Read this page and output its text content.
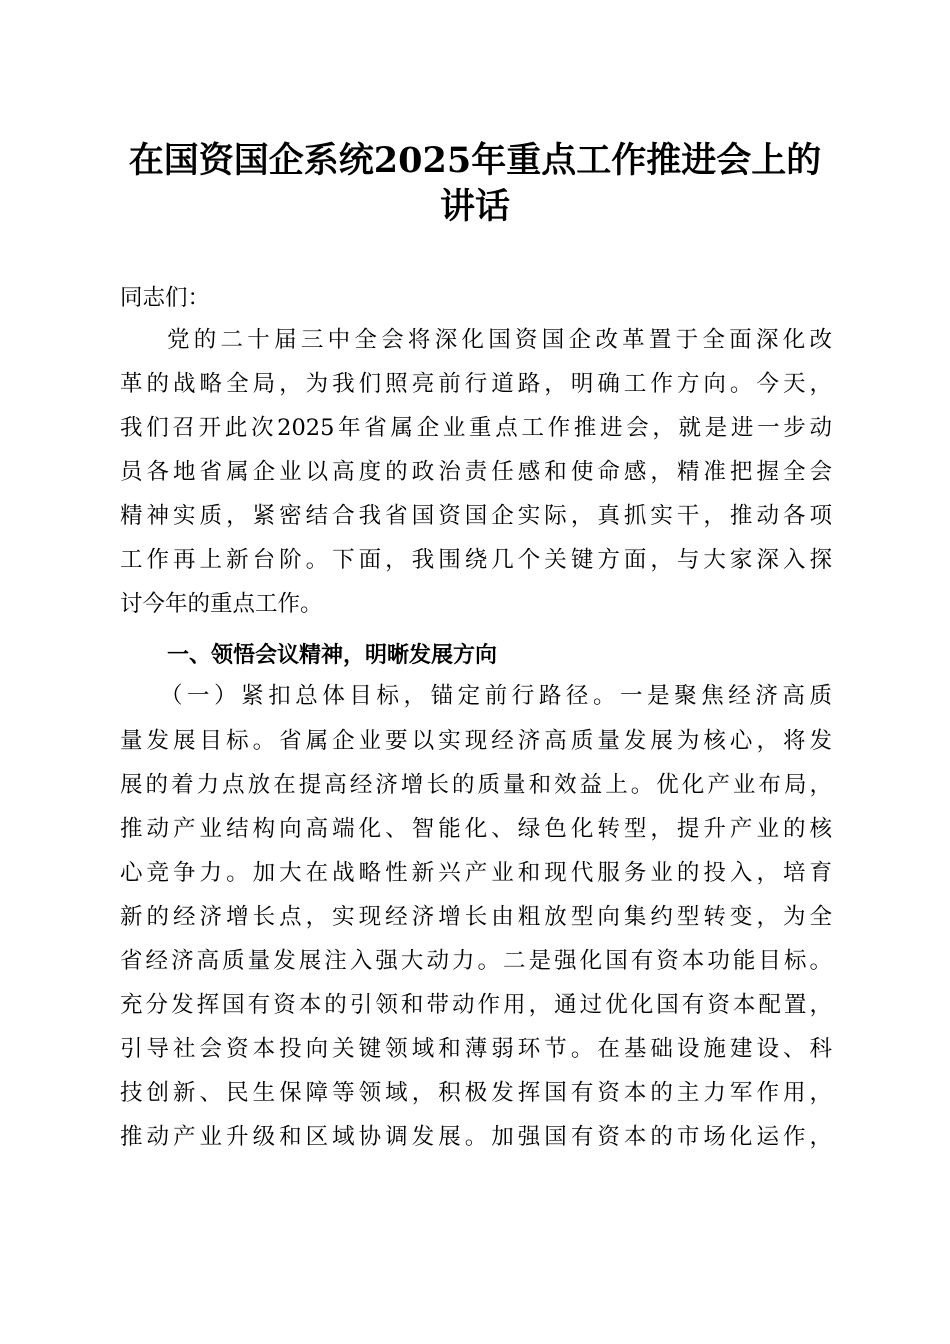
在国资国企系统2025年重点工作推进会上的
讲话
同志们：
党的二十届三中全会将深化国资国企改革置于全面深化改
革的战略全局，为我们照亮前行道路，明确工作方向。今天，
我们召开此次2025年省属企业重点工作推进会，就是进一步动
员各地省属企业以高度的政治责任感和使命感，精准把握全会
精神实质，紧密结合我省国资国企实际，真抓实干，推动各项
工作再上新台阶。下面，我围绕几个关键方面，与大家深入探
讨今年的重点工作。
一、领悟会议精神，明晰发展方向
（一）紧扣总体目标，锚定前行路径。一是聚焦经济高质
量发展目标。省属企业要以实现经济高质量发展为核心，将发
展的着力点放在提高经济增长的质量和效益上。优化产业布局，
推动产业结构向高端化、智能化、绿色化转型，提升产业的核
心竞争力。加大在战略性新兴产业和现代服务业的投入，培育
新的经济增长点，实现经济增长由粗放型向集约型转变，为全
省经济高质量发展注入强大动力。二是强化国有资本功能目标。
充分发挥国有资本的引领和带动作用，通过优化国有资本配置，
引导社会资本投向关键领域和薄弱环节。在基础设施建设、科
技创新、民生保障等领域，积极发挥国有资本的主力军作用，
推动产业升级和区域协调发展。加强国有资本的市场化运作，
